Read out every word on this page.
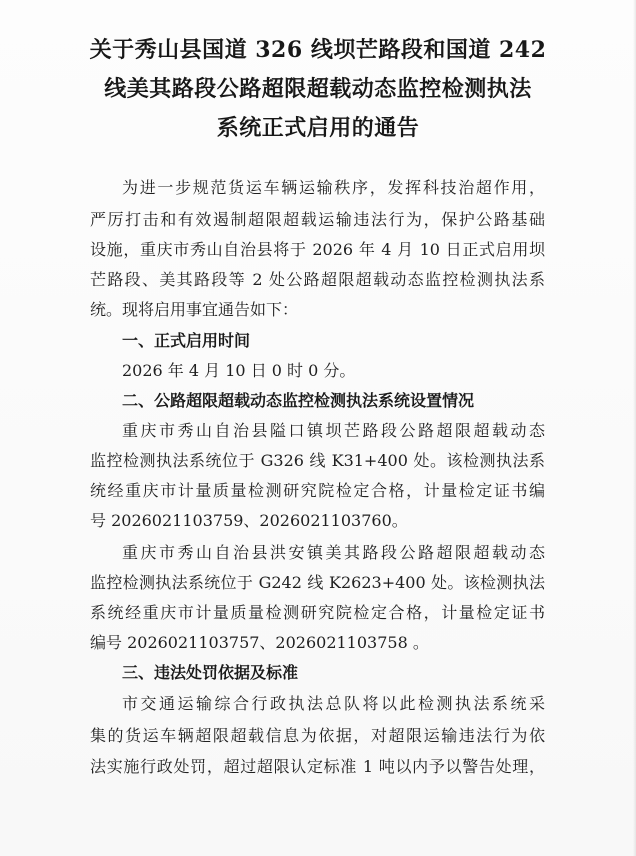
关于秀山县国道 326 线坝芒路段和国道 242
线美其路段公路超限超载动态监控检测执法
系统正式启用的通告
为进一步规范货运车辆运输秩序，发挥科技治超作用，
严厉打击和有效遏制超限超载运输违法行为，保护公路基础
设施，重庆市秀山自治县将于 2026 年 4 月 10 日正式启用坝
芒路段、美其路段等 2 处公路超限超载动态监控检测执法系
统。现将启用事宜通告如下：
一、正式启用时间
2026 年 4 月 10 日 0 时 0 分。
二、公路超限超载动态监控检测执法系统设置情况
重庆市秀山自治县隘口镇坝芒路段公路超限超载动态
监控检测执法系统位于 G326 线 K31+400 处。该检测执法系
统经重庆市计量质量检测研究院检定合格，计量检定证书编
号 2026021103759、2026021103760。
重庆市秀山自治县洪安镇美其路段公路超限超载动态
监控检测执法系统位于 G242 线 K2623+400 处。该检测执法
系统经重庆市计量质量检测研究院检定合格，计量检定证书
编号 2026021103757、2026021103758 。
三、违法处罚依据及标准
市交通运输综合行政执法总队将以此检测执法系统采
集的货运车辆超限超载信息为依据，对超限运输违法行为依
法实施行政处罚，超过超限认定标准 1 吨以内予以警告处理，
